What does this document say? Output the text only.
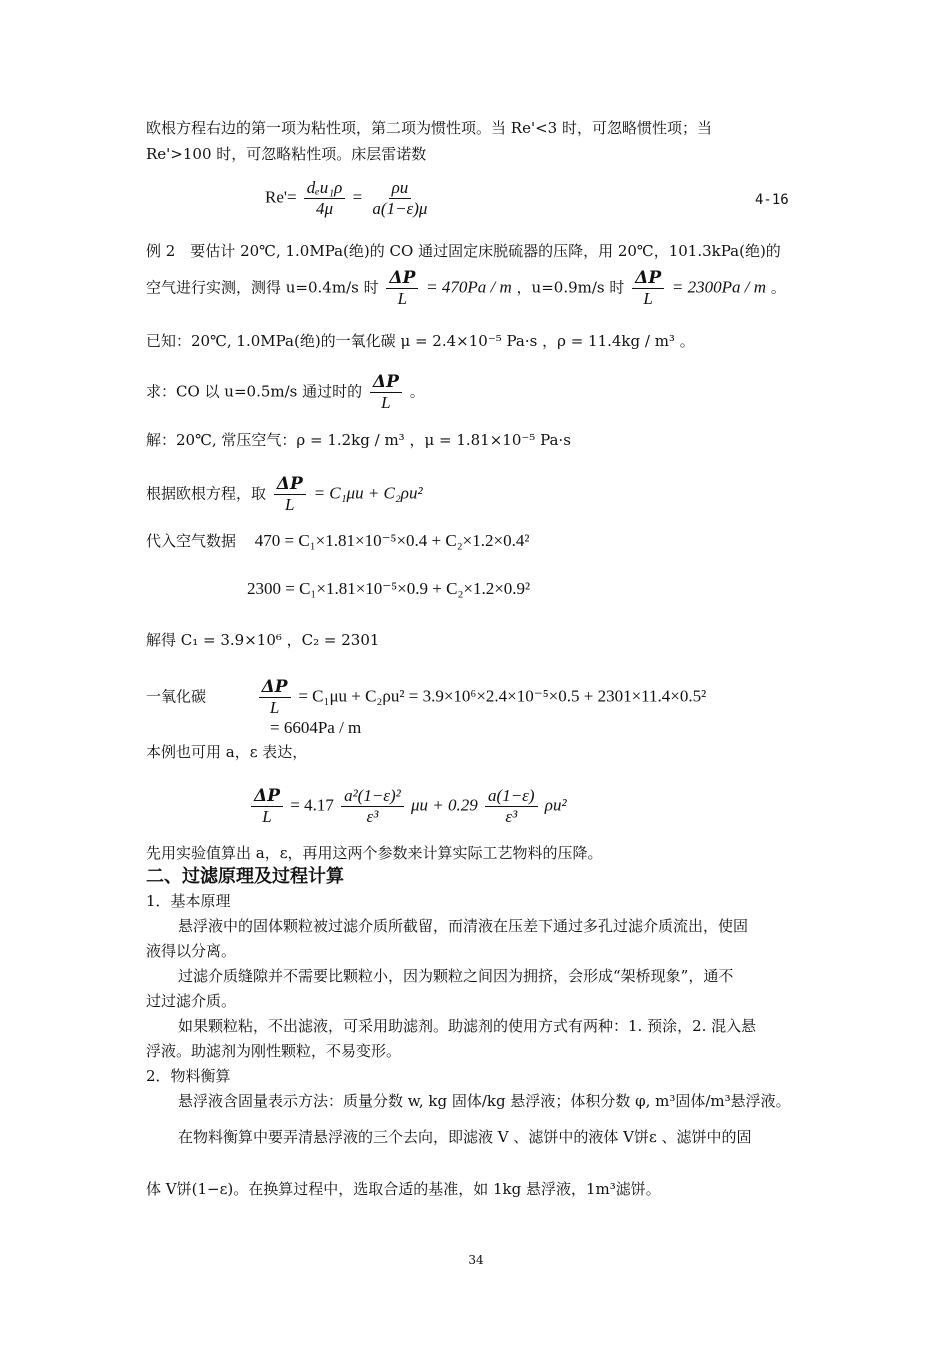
欧根方程右边的第一项为粘性项，第二项为惯性项。当 Re'<3 时，可忽略惯性项；当
Re'>100 时，可忽略粘性项。床层雷诺数
$Re'= \frac{\text{dₑu₁ρ}}{4\mu} = \frac{\rho u}{a(1-\varepsilon)\mu}$	4-16
例 2　要估计 20℃, 1.0MPa(绝)的 CO 通过固定床脱硫器的压降，用 20℃，101.3kPa(绝)的
空气进行实测，测得 u=0.4m/s 时 $\frac{\Delta P}{L} = 470Pa / m$ ，u=0.9m/s 时 $\frac{\Delta P}{L} = 2300Pa / m$ 。
已知：20℃, 1.0MPa(绝)的一氧化碳 μ = 2.4×10⁻⁵ Pa·s ，ρ = 11.4kg / m³ 。
求：CO 以 u=0.5m/s 通过时的 $\frac{\Delta P}{L}$ 。
解：20℃, 常压空气：ρ = 1.2kg / m³ ，μ = 1.81×10⁻⁵ Pa·s
根据欧根方程，取 $\frac{\Delta P}{L} = C_1\mu u + C_2\rho u^2$
代入空气数据 470 = C₁×1.81×10⁻⁵×0.4 + C₂×1.2×0.4²
2300 = C₁×1.81×10⁻⁵×0.9 + C₂×1.2×0.9²
解得 C₁ = 3.9×10⁶ ，C₂ = 2301
一氧化碳	$\frac{\Delta P}{L} = C_1\mu u + C_2\rho u^2 = 3.9\times 10^6\times 2.4\times 10^{-5}\times 0.5 + 2301\times 11.4\times 0.5^2$
= 6604Pa / m
本例也可用 a，ε 表达，
$\frac{\Delta P}{L} = 4.17 \frac{\text{a²(1−ε)²}}{\text{ε³}}$ $\mu u + 0.29 \frac{a(1-\varepsilon)}{\text{ε³}} \rho u^2$
先用实验值算出 a，ε，再用这两个参数来计算实际工艺物料的压降。
二、过滤原理及过程计算
1．基本原理
悬浮液中的固体颗粒被过滤介质所截留，而清液在压差下通过多孔过滤介质流出，使固
液得以分离。
过滤介质缝隙并不需要比颗粒小，因为颗粒之间因为拥挤，会形成“架桥现象”，通不
过过滤介质。
如果颗粒粘，不出滤液，可采用助滤剂。助滤剂的使用方式有两种：1. 预涂，2. 混入悬
浮液。助滤剂为刚性颗粒，不易变形。
2．物料衡算
悬浮液含固量表示方法：质量分数 w, kg 固体/kg 悬浮液；体积分数 φ, m³固体/m³悬浮液。
在物料衡算中要弄清悬浮液的三个去向，即滤液 V 、滤饼中的液体 V饼ε 、滤饼中的固
体 V饼(1−ε)。在换算过程中，选取合适的基准，如 1kg 悬浮液，1m³滤饼。
34
